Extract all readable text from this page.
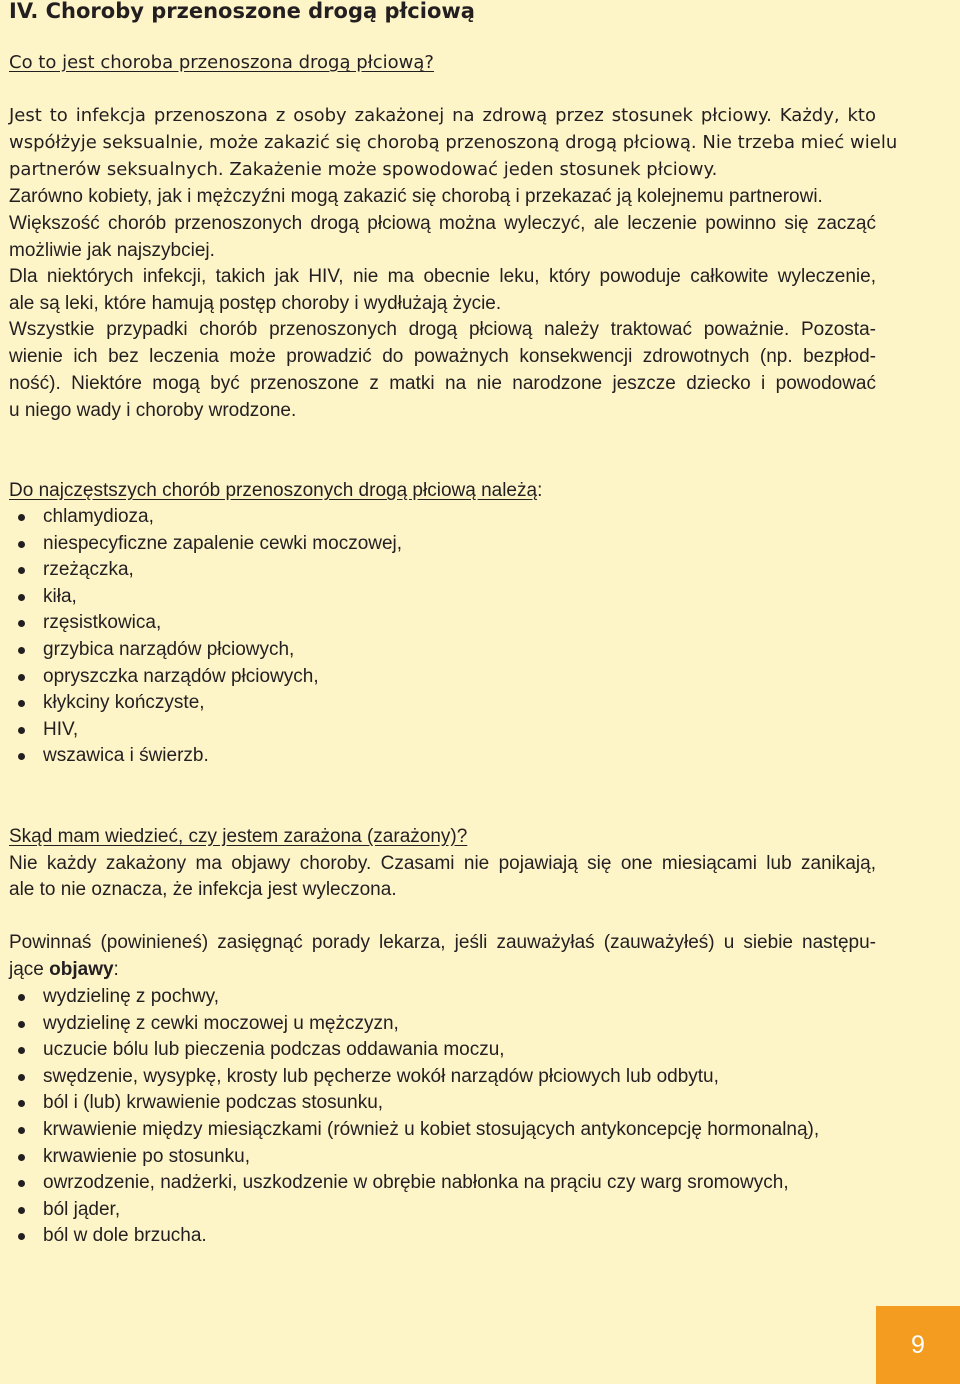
IV. Choroby przenoszone drogą płciową
Co to jest choroba przenoszona drogą płciową?
Jest to infekcja przenoszona z osoby zakażonej na zdrową przez stosunek płciowy. Każdy, kto
współżyje seksualnie, może zakazić się chorobą przenoszoną drogą płciową. Nie trzeba mieć wielu
partnerów seksualnych. Zakażenie może spowodować jeden stosunek płciowy.
Zarówno kobiety, jak i mężczyźni mogą zakazić się chorobą i przekazać ją kolejnemu partnerowi.
Większość chorób przenoszonych drogą płciową można wyleczyć, ale leczenie powinno się zacząć
możliwie jak najszybciej.
Dla niektórych infekcji, takich jak HIV, nie ma obecnie leku, który powoduje całkowite wyleczenie,
ale są leki, które hamują postęp choroby i wydłużają życie.
Wszystkie przypadki chorób przenoszonych drogą płciową należy traktować poważnie. Pozosta-
wienie ich bez leczenia może prowadzić do poważnych konsekwencji zdrowotnych (np. bezpłod-
ność). Niektóre mogą być przenoszone z matki na nie narodzone jeszcze dziecko i powodować
u niego wady i choroby wrodzone.
Do najczęstszych chorób przenoszonych drogą płciową należą:
chlamydioza,
niespecyficzne zapalenie cewki moczowej,
rzeżączka,
kiła,
rzęsistkowica,
grzybica narządów płciowych,
opryszczka narządów płciowych,
kłykciny kończyste,
HIV,
wszawica i świerzb.
Skąd mam wiedzieć, czy jestem zarażona (zarażony)?
Nie każdy zakażony ma objawy choroby. Czasami nie pojawiają się one miesiącami lub zanikają,
ale to nie oznacza, że infekcja jest wyleczona.
Powinnaś (powinieneś) zasięgnąć porady lekarza, jeśli zauważyłaś (zauważyłeś) u siebie następu-
jące objawy:
wydzielinę z pochwy,
wydzielinę z cewki moczowej u mężczyzn,
uczucie bólu lub pieczenia podczas oddawania moczu,
swędzenie, wysypkę, krosty lub pęcherze wokół narządów płciowych lub odbytu,
ból i (lub) krwawienie podczas stosunku,
krwawienie między miesiączkami (również u kobiet stosujących antykoncepcję hormonalną),
krwawienie po stosunku,
owrzodzenie, nadżerki, uszkodzenie w obrębie nabłonka na prąciu czy warg sromowych,
ból jąder,
ból w dole brzucha.
9
